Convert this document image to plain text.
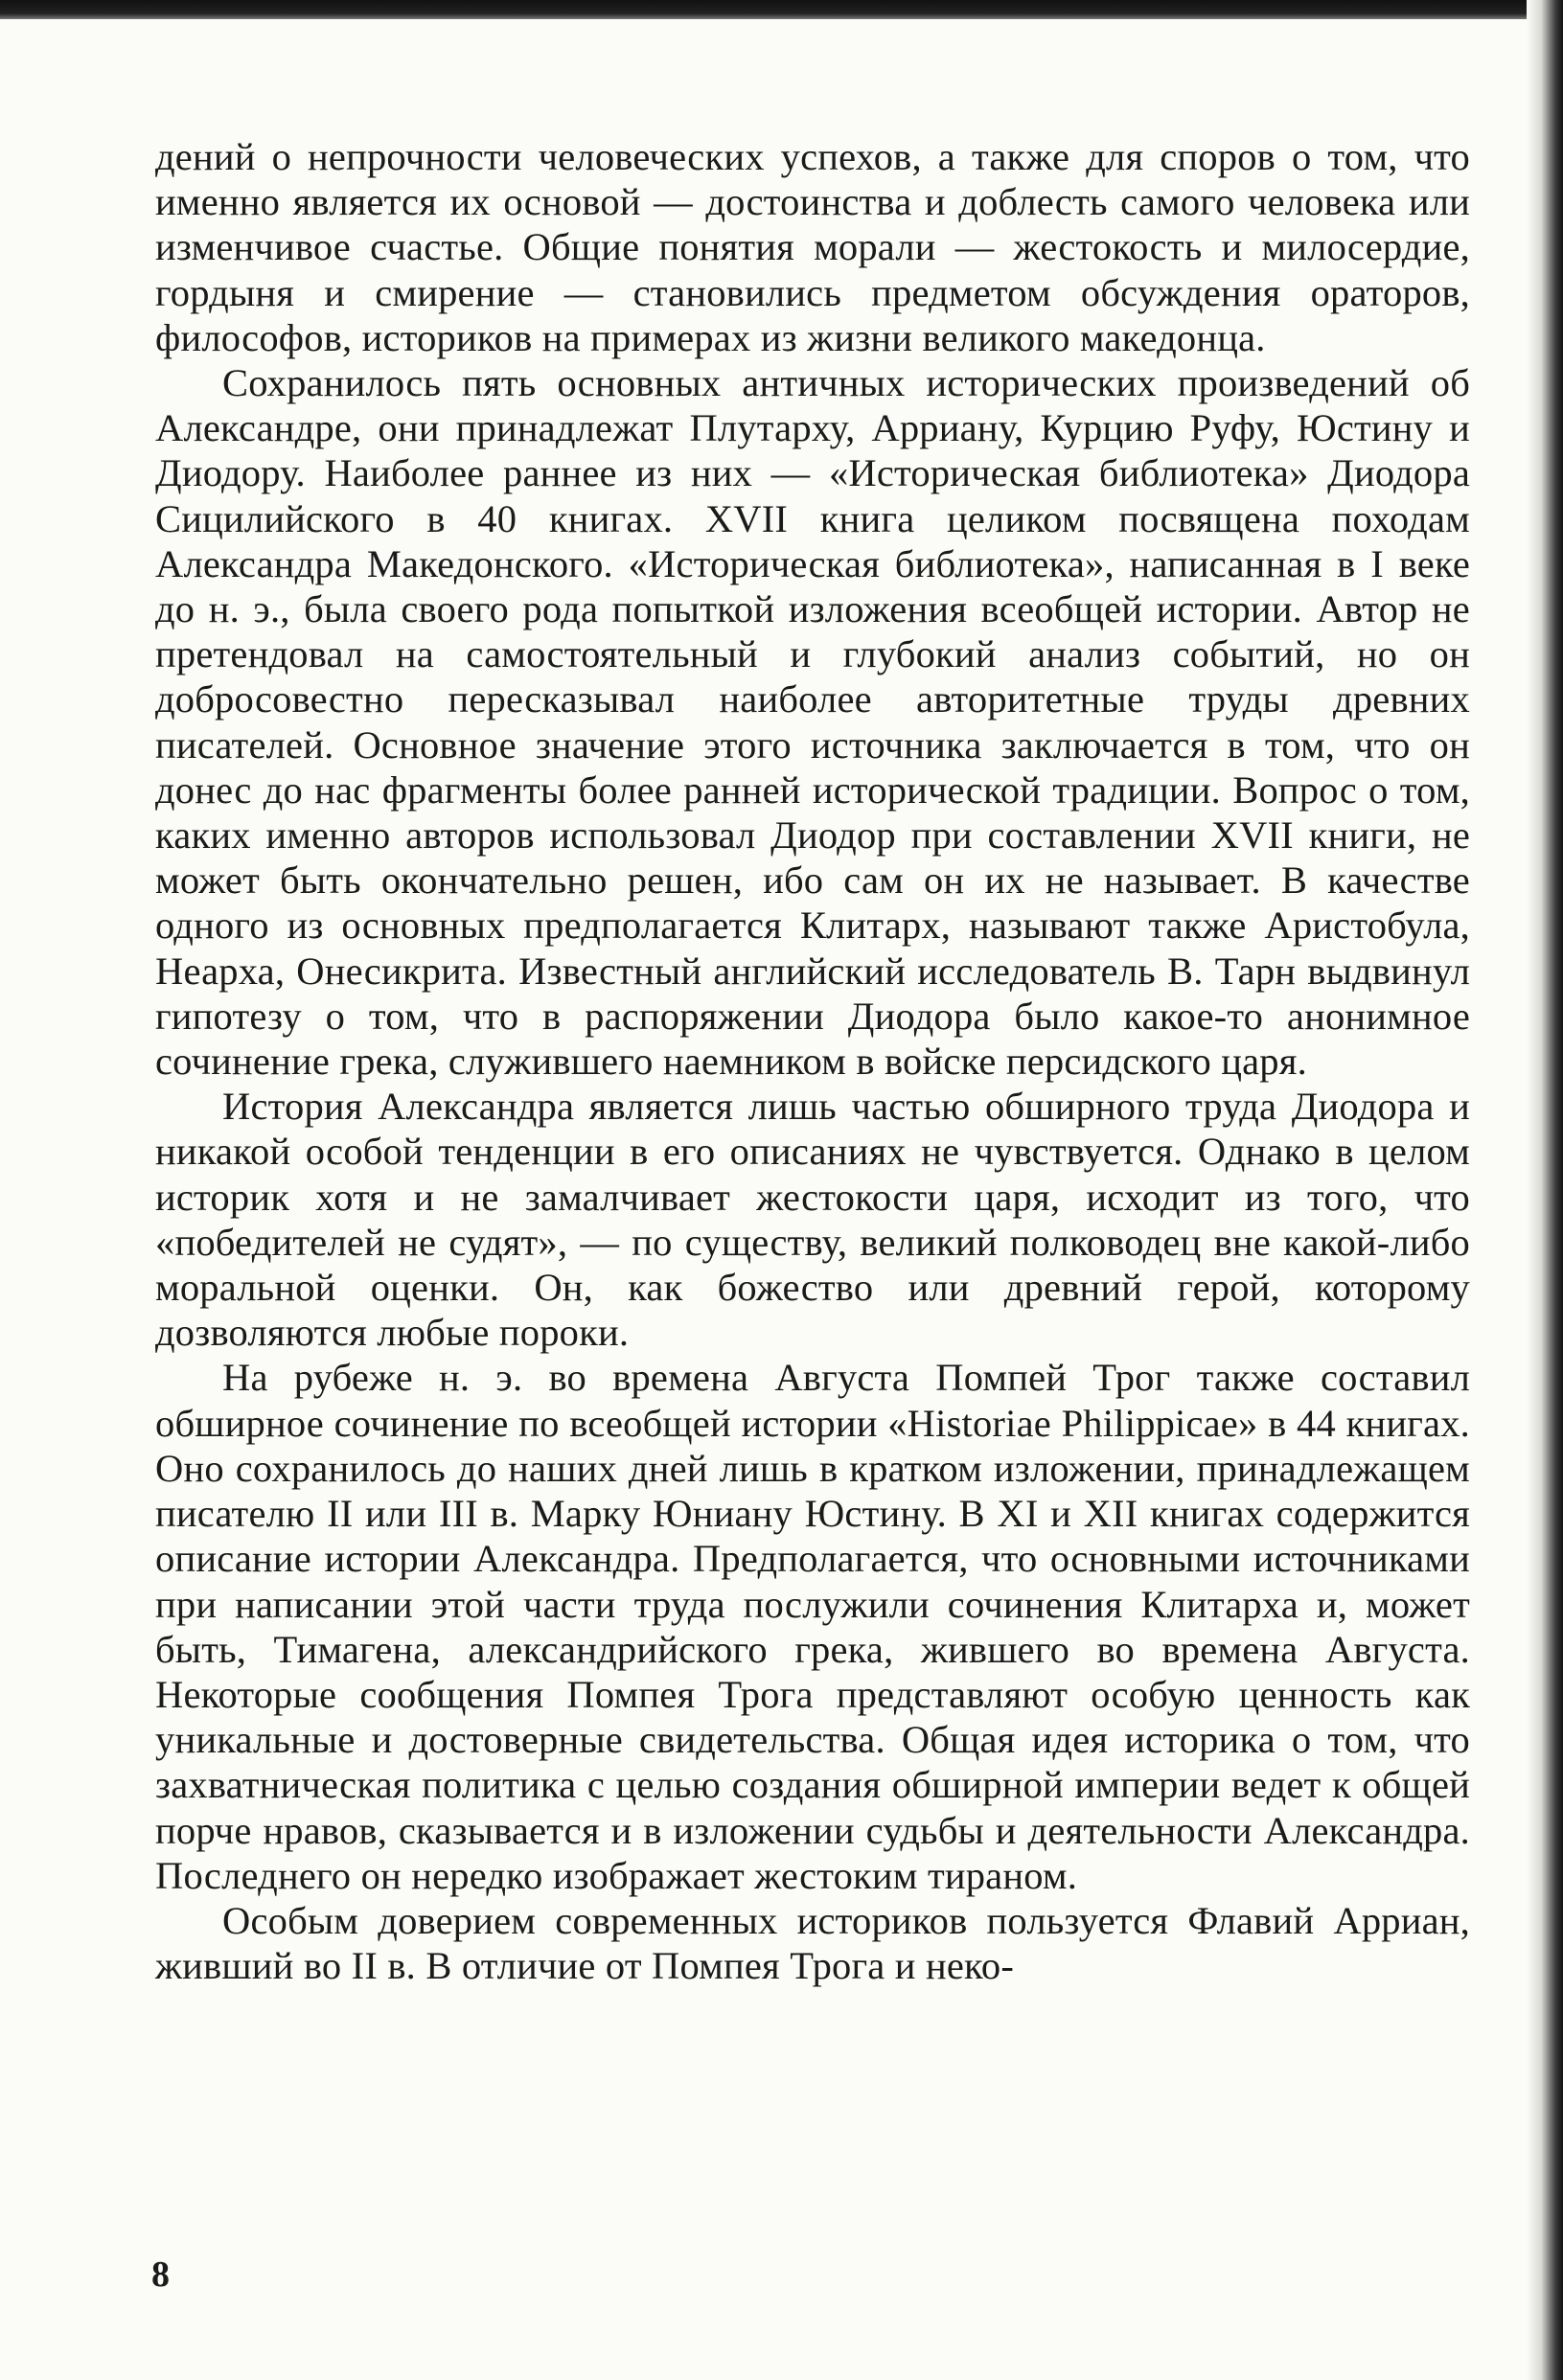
дений о непрочности человеческих успехов, а также для споров о том, что именно является их основой — достоинства и доблесть самого человека или изменчивое счастье. Общие понятия морали — жестокость и милосердие, гордыня и смирение — становились предметом обсуждения ораторов, философов, историков на примерах из жизни великого македонца.

Сохранилось пять основных античных исторических произведений об Александре, они принадлежат Плутарху, Арриану, Курцию Руфу, Юстину и Диодору. Наиболее раннее из них — «Историческая библиотека» Диодора Сицилийского в 40 книгах. XVII книга целиком посвящена походам Александра Македонского. «Историческая библиотека», написанная в I веке до н. э., была своего рода попыткой изложения всеобщей истории. Автор не претендовал на самостоятельный и глубокий анализ событий, но он добросовестно пересказывал наиболее авторитетные труды древних писателей. Основное значение этого источника заключается в том, что он донес до нас фрагменты более ранней исторической традиции. Вопрос о том, каких именно авторов использовал Диодор при составлении XVII книги, не может быть окончательно решен, ибо сам он их не называет. В качестве одного из основных предполагается Клитарх, называют также Аристобула, Неарха, Онесикрита. Известный английский исследователь В. Тарн выдвинул гипотезу о том, что в распоряжении Диодора было какое-то анонимное сочинение грека, служившего наемником в войске персидского царя.

История Александра является лишь частью обширного труда Диодора и никакой особой тенденции в его описаниях не чувствуется. Однако в целом историк хотя и не замалчивает жестокости царя, исходит из того, что «победителей не судят», — по существу, великий полководец вне какой-либо моральной оценки. Он, как божество или древний герой, которому дозволяются любые пороки.

На рубеже н. э. во времена Августа Помпей Трог также составил обширное сочинение по всеобщей истории «Historiae Philippicae» в 44 книгах. Оно сохранилось до наших дней лишь в кратком изложении, принадлежащем писателю II или III в. Марку Юниану Юстину. В XI и XII книгах содержится описание истории Александра. Предполагается, что основными источниками при написании этой части труда послужили сочинения Клитарха и, может быть, Тимагена, александрийского грека, жившего во времена Августа. Некоторые сообщения Помпея Трога представляют особую ценность как уникальные и достоверные свидетельства. Общая идея историка о том, что захватническая политика с целью создания обширной империи ведет к общей порче нравов, сказывается и в изложении судьбы и деятельности Александра. Последнего он нередко изображает жестоким тираном.

Особым доверием современных историков пользуется Флавий Арриан, живший во II в. В отличие от Помпея Трога и неко-

8
